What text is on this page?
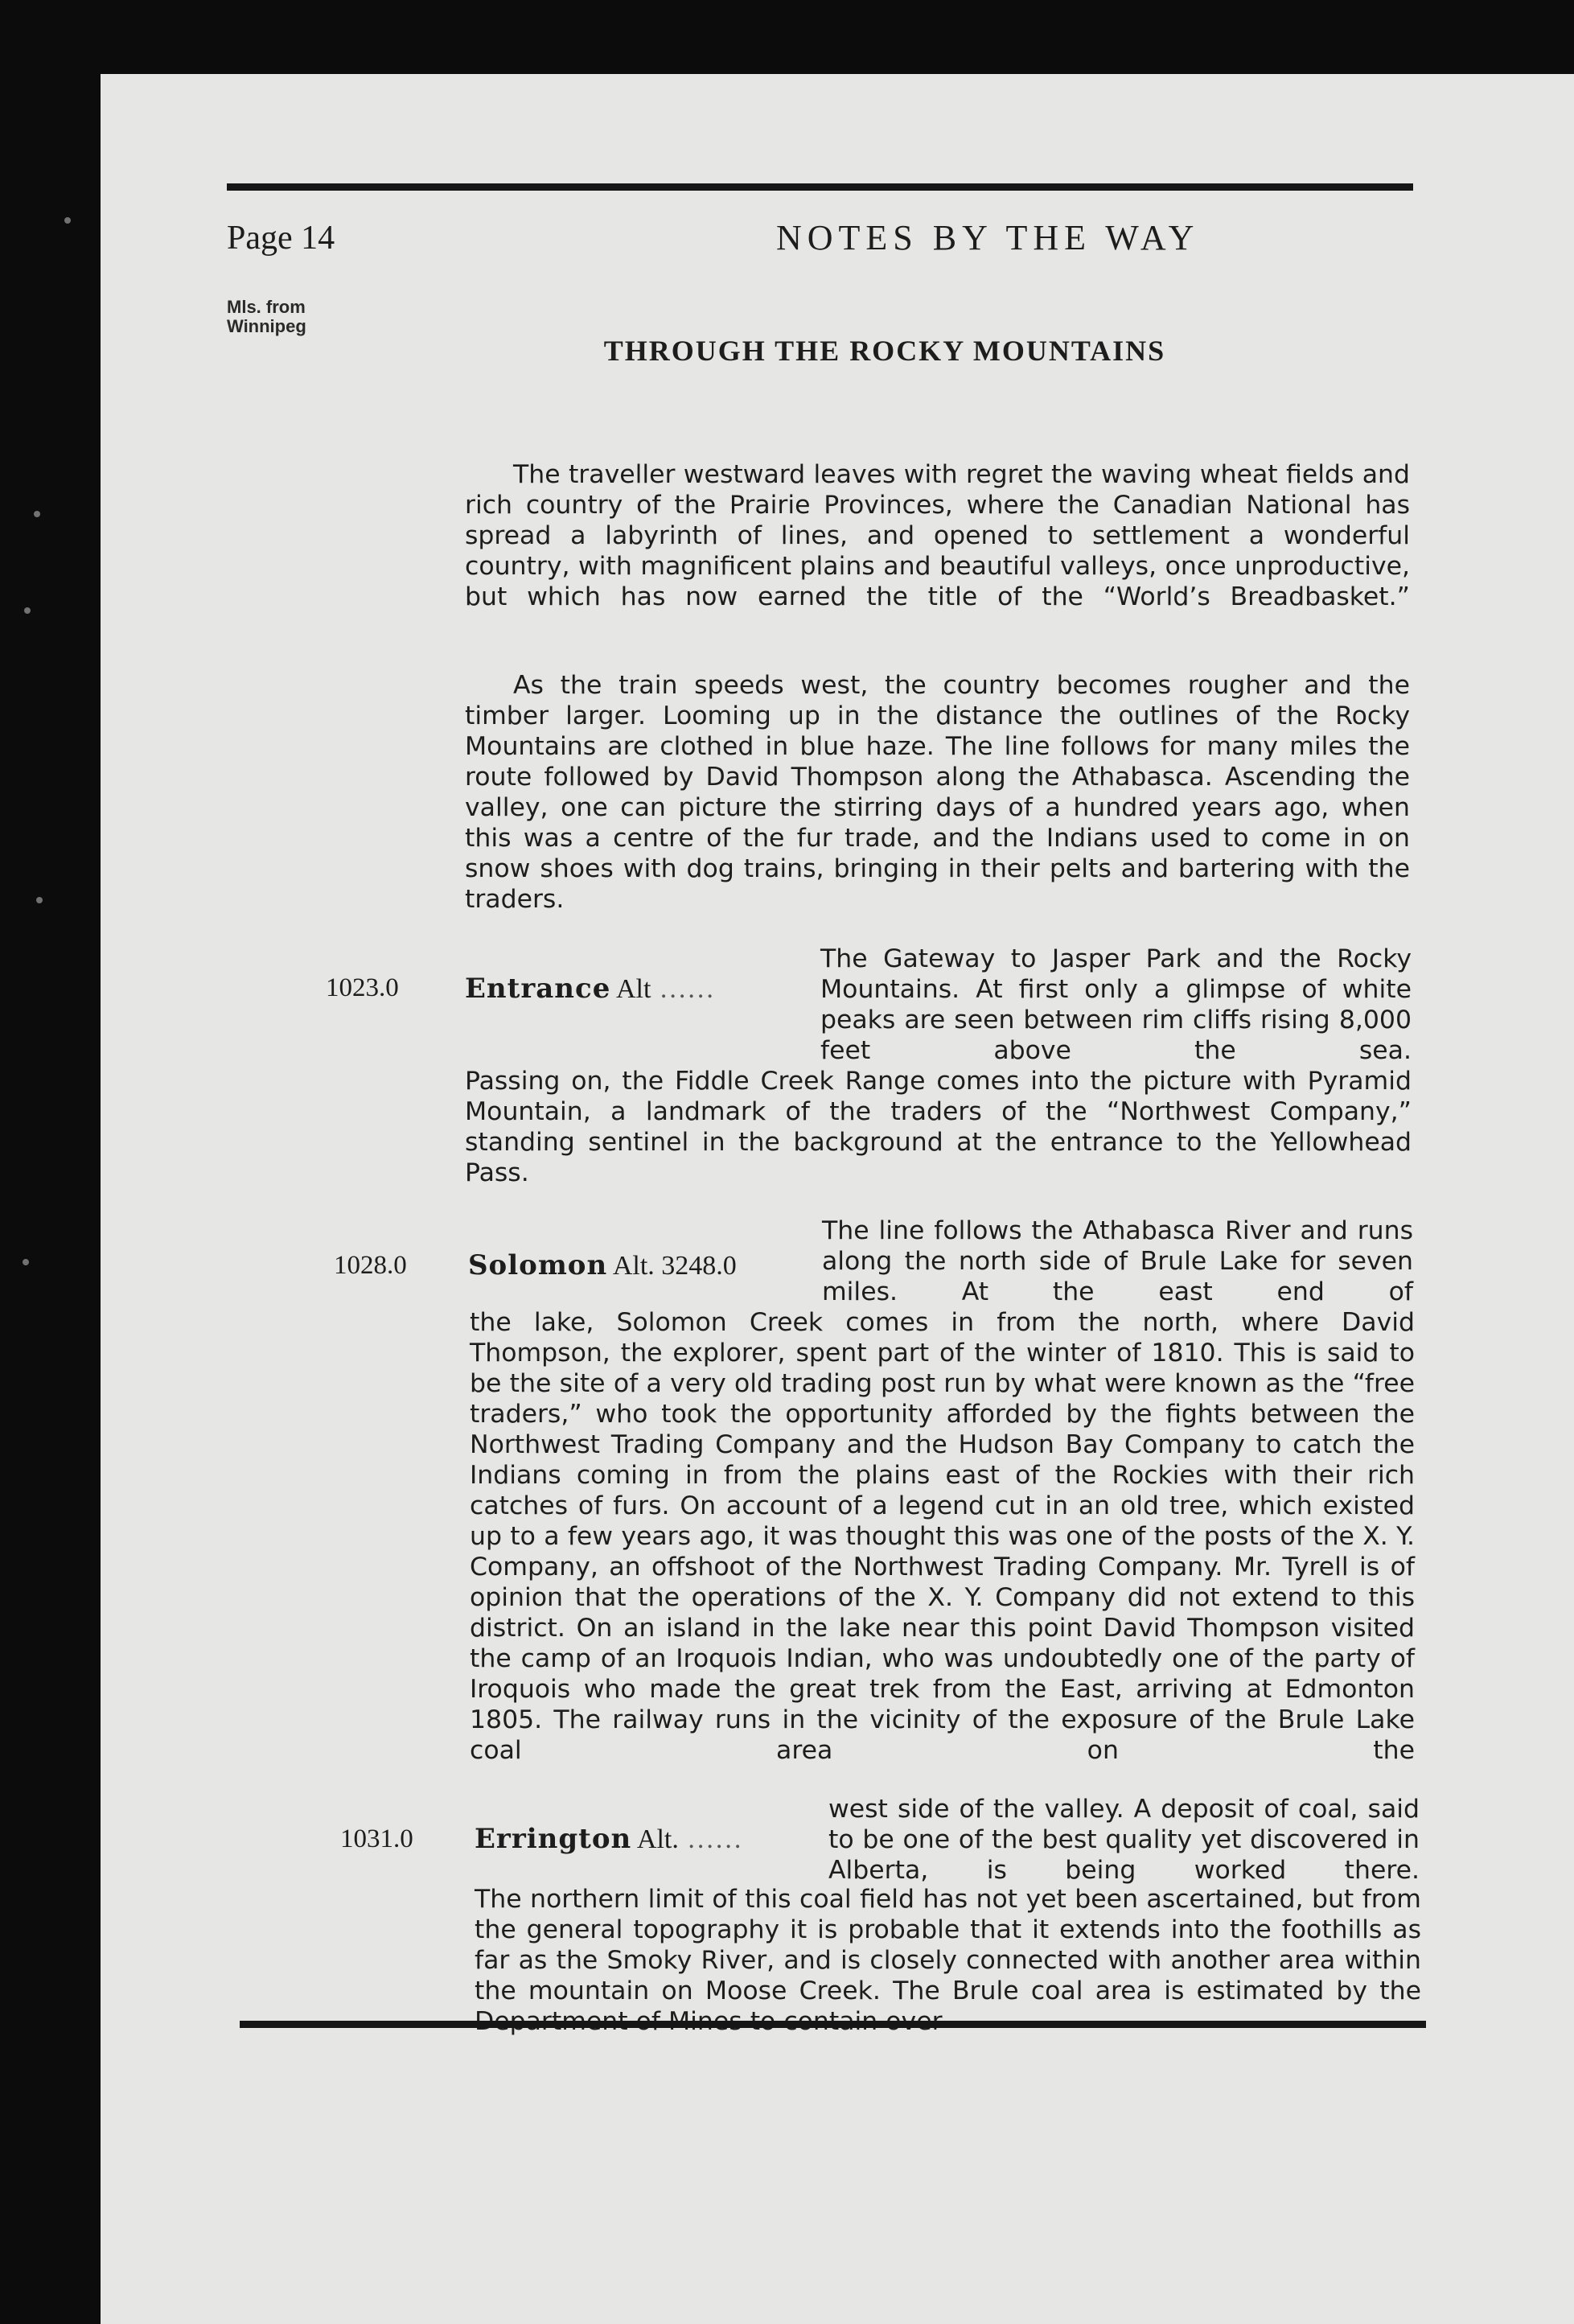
Page 14	NOTES BY THE WAY
Mls. from
Winnipeg
THROUGH THE ROCKY MOUNTAINS

The traveller westward leaves with regret the waving wheat fields and rich country of the Prairie Provinces, where the Canadian National has spread a labyrinth of lines, and opened to settlement a wonderful country, with magnificent plains and beautiful valleys, once unproductive, but which has now earned the title of the “World’s Breadbasket.”

As the train speeds west, the country becomes rougher and the timber larger. Looming up in the distance the outlines of the Rocky Mountains are clothed in blue haze. The line follows for many miles the route followed by David Thompson along the Athabasca. Ascending the valley, one can picture the stirring days of a hundred years ago, when this was a centre of the fur trade, and the Indians used to come in on snow shoes with dog trains, bringing in their pelts and bartering with the traders.

1023.0 Entrance Alt ......

The Gateway to Jasper Park and the Rocky Mountains. At first only a glimpse of white peaks are seen between rim cliffs rising 8,000 feet above the sea.

Passing on, the Fiddle Creek Range comes into the picture with Pyramid Mountain, a landmark of the traders of the “Northwest Company,” standing sentinel in the background at the entrance to the Yellowhead Pass.

1028.0 Solomon Alt. 3248.0

The line follows the Athabasca River and runs along the north side of Brule Lake for seven miles. At the east end of

the lake, Solomon Creek comes in from the north, where David Thompson, the explorer, spent part of the winter of 1810. This is said to be the site of a very old trading post run by what were known as the “free traders,” who took the opportunity afforded by the fights between the Northwest Trading Company and the Hudson Bay Company to catch the Indians coming in from the plains east of the Rockies with their rich catches of furs. On account of a legend cut in an old tree, which existed up to a few years ago, it was thought this was one of the posts of the X. Y. Company, an offshoot of the Northwest Trading Company. Mr. Tyrell is of opinion that the operations of the X. Y. Company did not extend to this district. On an island in the lake near this point David Thompson visited the camp of an Iroquois Indian, who was undoubtedly one of the party of Iroquois who made the great trek from the East, arriving at Edmonton 1805. The railway runs in the vicinity of the exposure of the Brule Lake coal area on the

1031.0 Errington Alt. ......

west side of the valley. A deposit of coal, said to be one of the best quality yet discovered in Alberta, is being worked there.

The northern limit of this coal field has not yet been ascertained, but from the general topography it is probable that it extends into the foothills as far as the Smoky River, and is closely connected with another area within the mountain on Moose Creek. The Brule coal area is estimated by the
